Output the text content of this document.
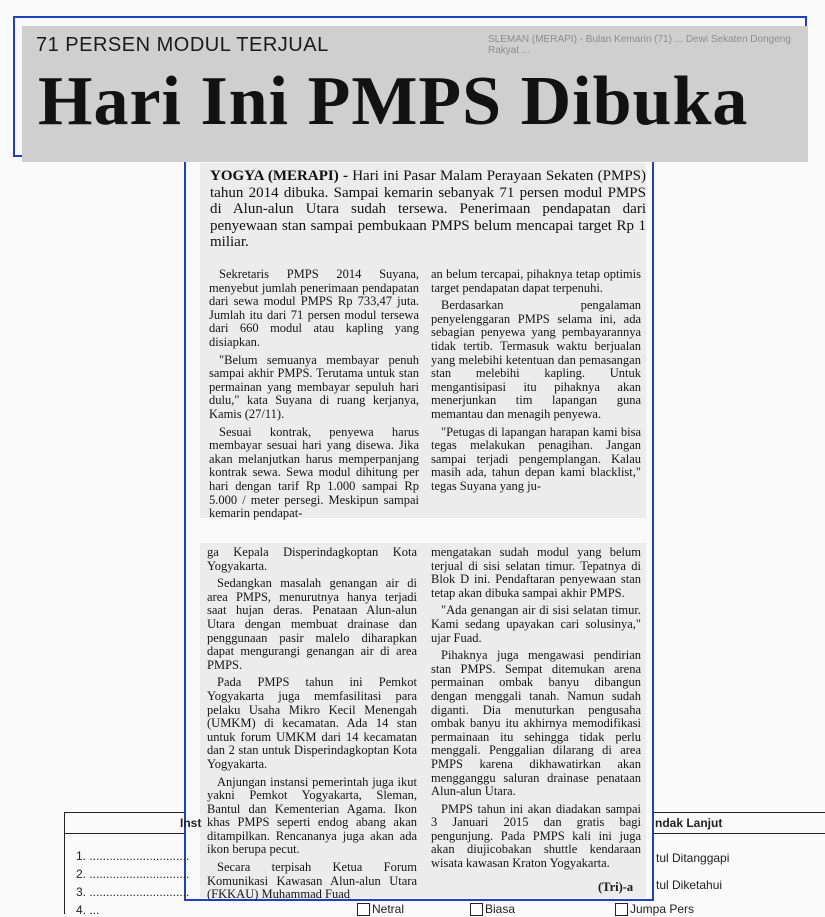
SLEMAN (MERAPI) - Bulan Kemarin (71) ... Dewi Sekaten Dongeng Rakyat ...
71 PERSEN MODUL TERJUAL
Hari Ini PMPS Dibuka
YOGYA (MERAPI) - Hari ini Pasar Malam Perayaan Sekaten (PMPS) tahun 2014 dibuka. Sampai kemarin sebanyak 71 persen modul PMPS di Alun-alun Utara sudah tersewa. Penerimaan pendapatan dari penyewaan stan sampai pembukaan PMPS belum mencapai target Rp 1 miliar.

Sekretaris PMPS 2014 Suyana, menyebut jumlah penerimaan pendapatan dari sewa modul PMPS Rp 733,47 juta. Jumlah itu dari 71 persen modul tersewa dari 660 modul atau kapling yang disiapkan.

"Belum semuanya membayar penuh sampai akhir PMPS. Terutama untuk stan permainan yang membayar sepuluh hari dulu," kata Suyana di ruang kerjanya, Kamis (27/11).

Sesuai kontrak, penyewa harus membayar sesuai hari yang disewa. Jika akan melanjutkan harus memperpanjang kontrak sewa. Sewa modul dihitung per hari dengan tarif Rp 1.000 sampai Rp 5.000 / meter persegi. Meskipun sampai kemarin pendapat-

an belum tercapai, pihaknya tetap optimis target pendapatan dapat terpenuhi.

Berdasarkan pengalaman penyelenggaran PMPS selama ini, ada sebagian penyewa yang pembayarannya tidak tertib. Termasuk waktu berjualan yang melebihi ketentuan dan pemasangan stan melebihi kapling. Untuk mengantisipasi itu pihaknya akan menerjunkan tim lapangan guna memantau dan menagih penyewa.

"Petugas di lapangan harapan kami bisa tegas melakukan penagihan. Jangan sampai terjadi pengemplangan. Kalau masih ada, tahun depan kami blacklist," tegas Suyana yang ju-

ga Kepala Disperindagkoptan Kota Yogyakarta.

Sedangkan masalah genangan air di area PMPS, menurutnya hanya terjadi saat hujan deras. Penataan Alun-alun Utara dengan membuat drainase dan penggunaan pasir malelo diharapkan dapat mengurangi genangan air di area PMPS.

Pada PMPS tahun ini Pemkot Yogyakarta juga memfasilitasi para pelaku Usaha Mikro Kecil Menengah (UMKM) di kecamatan. Ada 14 stan untuk forum UMKM dari 14 kecamatan dan 2 stan untuk Disperindagkoptan Kota Yogyakarta.

Anjungan instansi pemerintah juga ikut yakni Pemkot Yogyakarta, Sleman, Bantul dan Kementerian Agama. Ikon khas PMPS seperti endog abang akan ditampilkan. Rencananya juga akan ada ikon berupa pecut.

Secara terpisah Ketua Forum Komunikasi Kawasan Alun-alun Utara (FKKAU) Muhammad Fuad

mengatakan sudah modul yang belum terjual di sisi selatan timur. Tepatnya di Blok D ini. Pendaftaran penyewaan stan tetap akan dibuka sampai akhir PMPS.

"Ada genangan air di sisi selatan timur. Kami sedang upayakan cari solusinya," ujar Fuad.

Pihaknya juga mengawasi pendirian stan PMPS. Sempat ditemukan arena permainan ombak banyu dibangun dengan menggali tanah. Namun sudah diganti. Dia menuturkan pengusaha ombak banyu itu akhirnya memodifikasi permainaan itu sehingga tidak perlu menggali. Penggalian dilarang di area PMPS karena dikhawatirkan akan mengganggu saluran drainase penataan Alun-alun Utara.

PMPS tahun ini akan diadakan sampai 3 Januari 2015 dan gratis bagi pengunjung. Pada PMPS kali ini juga akan diujicobakan shuttle kendaraan wisata kawasan Kraton Yogyakarta.

(Tri)-a
Inst	ndak Lanjut
1. ..............................
2. ..............................
3. ..............................
4. ...
tul Ditanggapi
tul Diketahui
Netral	Biasa	Jumpa Pers
